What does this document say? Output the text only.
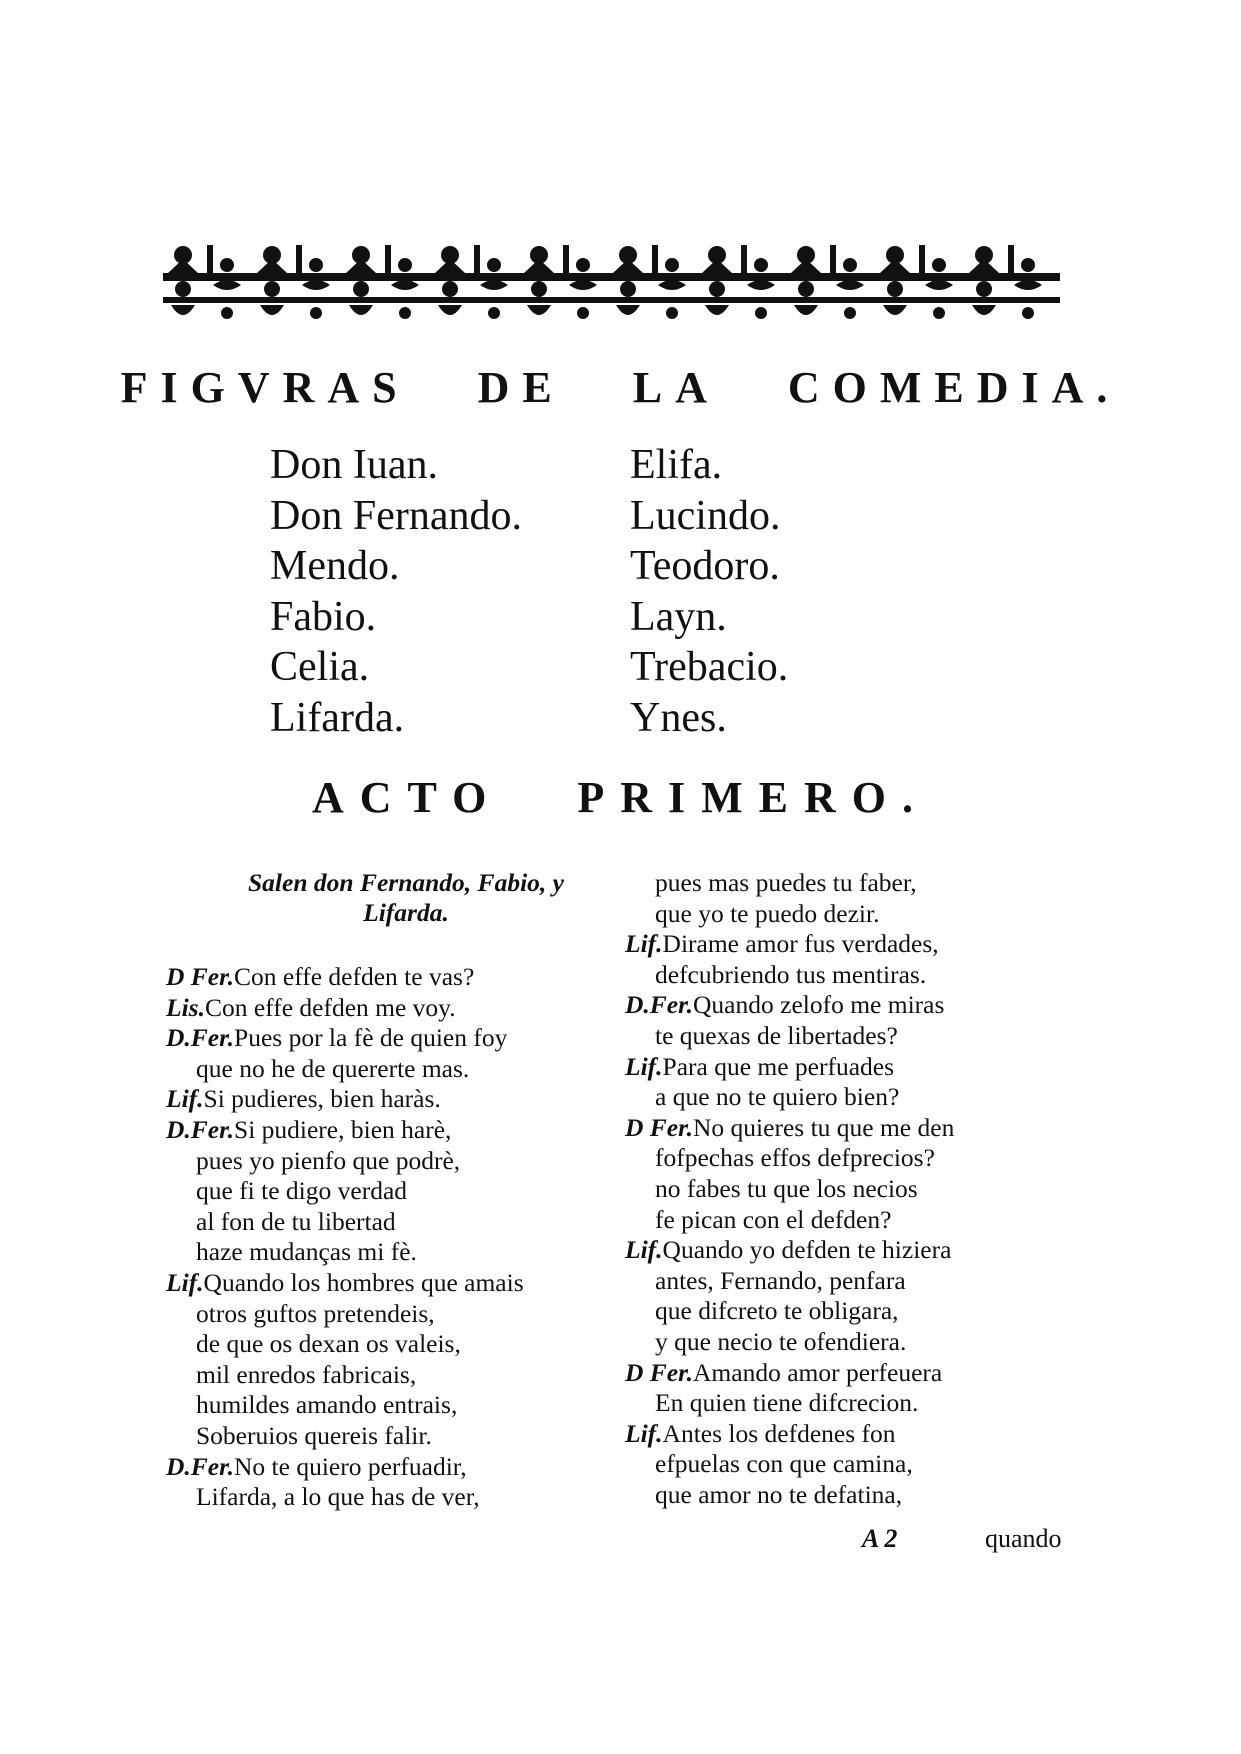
FIGVRAS DE LA COMEDIA.
Don Iuan.	Elifa.
Don Fernando.	Lucindo.
Mendo.	Teodoro.
Fabio.	Layn.
Celia.	Trebacio.
Lifarda.	Ynes.
ACTO PRIMERO.
Salen don Fernando, Fabio, y
Lifarda.
D Fer.Con effe defden te vas?
Lis.Con effe defden me voy.
D.Fer.Pues por la fè de quien foy
que no he de quererte mas.
Lif.Si pudieres, bien haràs.
D.Fer.Si pudiere, bien harè,
pues yo pienfo que podrè,
que fi te digo verdad
al fon de tu libertad
haze mudanças mi fè.
Lif.Quando los hombres que amais
otros guftos pretendeis,
de que os dexan os valeis,
mil enredos fabricais,
humildes amando entrais,
Soberuios quereis falir.
D.Fer.No te quiero perfuadir,
Lifarda, a lo que has de ver,
pues mas puedes tu faber,
que yo te puedo dezir.
Lif.Dirame amor fus verdades,
defcubriendo tus mentiras.
D.Fer.Quando zelofo me miras
te quexas de libertades?
Lif.Para que me perfuades
a que no te quiero bien?
D Fer.No quieres tu que me den
fofpechas effos defprecios?
no fabes tu que los necios
fe pican con el defden?
Lif.Quando yo defden te hiziera
antes, Fernando, penfara
que difcreto te obligara,
y que necio te ofendiera.
D Fer.Amando amor perfeuera
En quien tiene difcrecion.
Lif.Antes los defdenes fon
efpuelas con que camina,
que amor no te defatina,
A 2	quando
